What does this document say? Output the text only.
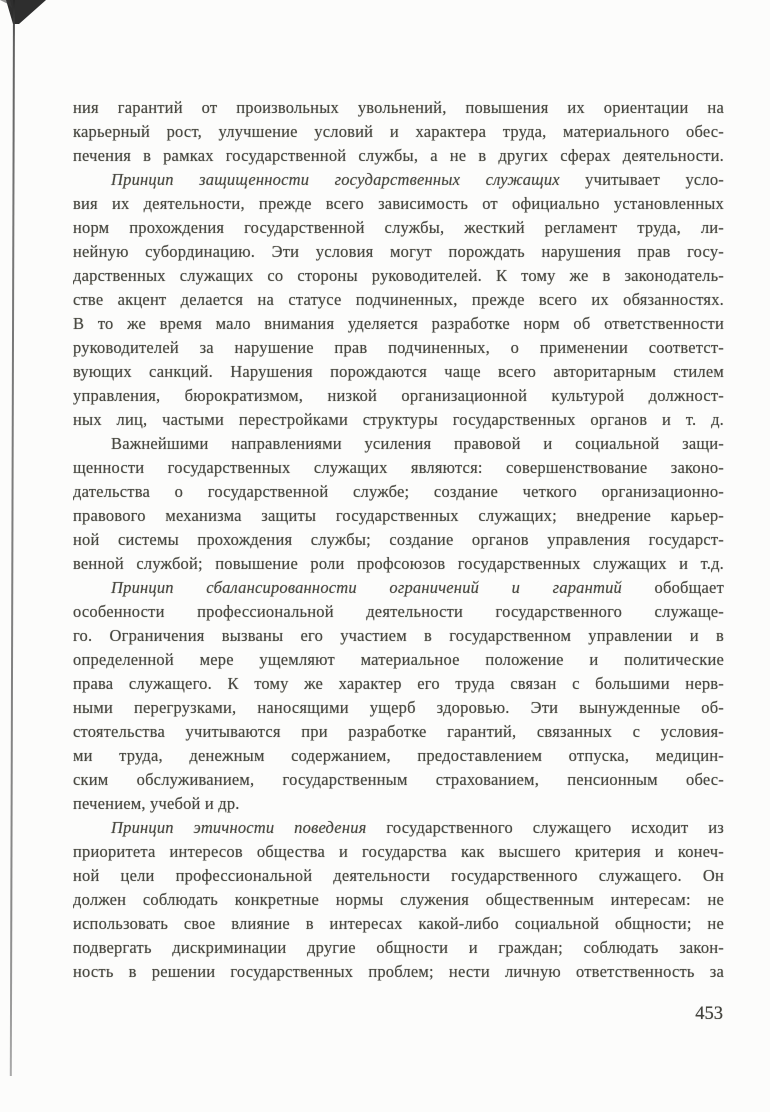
ния гарантий от произвольных увольнений, повышения их ориентации на
карьерный рост, улучшение условий и характера труда, материального обес-
печения в рамках государственной службы, а не в других сферах деятельности.
Принцип защищенности государственных служащих учитывает усло-
вия их деятельности, прежде всего зависимость от официально установленных
норм прохождения государственной службы, жесткий регламент труда, ли-
нейную субординацию. Эти условия могут порождать нарушения прав госу-
дарственных служащих со стороны руководителей. К тому же в законодатель-
стве акцент делается на статусе подчиненных, прежде всего их обязанностях.
В то же время мало внимания уделяется разработке норм об ответственности
руководителей за нарушение прав подчиненных, о применении соответст-
вующих санкций. Нарушения порождаются чаще всего авторитарным стилем
управления, бюрократизмом, низкой организационной культурой должност-
ных лиц, частыми перестройками структуры государственных органов и т. д.
Важнейшими направлениями усиления правовой и социальной защи-
щенности государственных служащих являются: совершенствование законо-
дательства о государственной службе; создание четкого организационно-
правового механизма защиты государственных служащих; внедрение карьер-
ной системы прохождения службы; создание органов управления государст-
венной службой; повышение роли профсоюзов государственных служащих и т.д.
Принцип сбалансированности ограничений и гарантий обобщает
особенности профессиональной деятельности государственного служаще-
го. Ограничения вызваны его участием в государственном управлении и в
определенной мере ущемляют материальное положение и политические
права служащего. К тому же характер его труда связан с большими нерв-
ными перегрузками, наносящими ущерб здоровью. Эти вынужденные об-
стоятельства учитываются при разработке гарантий, связанных с условия-
ми труда, денежным содержанием, предоставлением отпуска, медицин-
ским обслуживанием, государственным страхованием, пенсионным обес-
печением, учебой и др.
Принцип этичности поведения государственного служащего исходит из
приоритета интересов общества и государства как высшего критерия и конеч-
ной цели профессиональной деятельности государственного служащего. Он
должен соблюдать конкретные нормы служения общественным интересам: не
использовать свое влияние в интересах какой-либо социальной общности; не
подвергать дискриминации другие общности и граждан; соблюдать закон-
ность в решении государственных проблем; нести личную ответственность за
453
